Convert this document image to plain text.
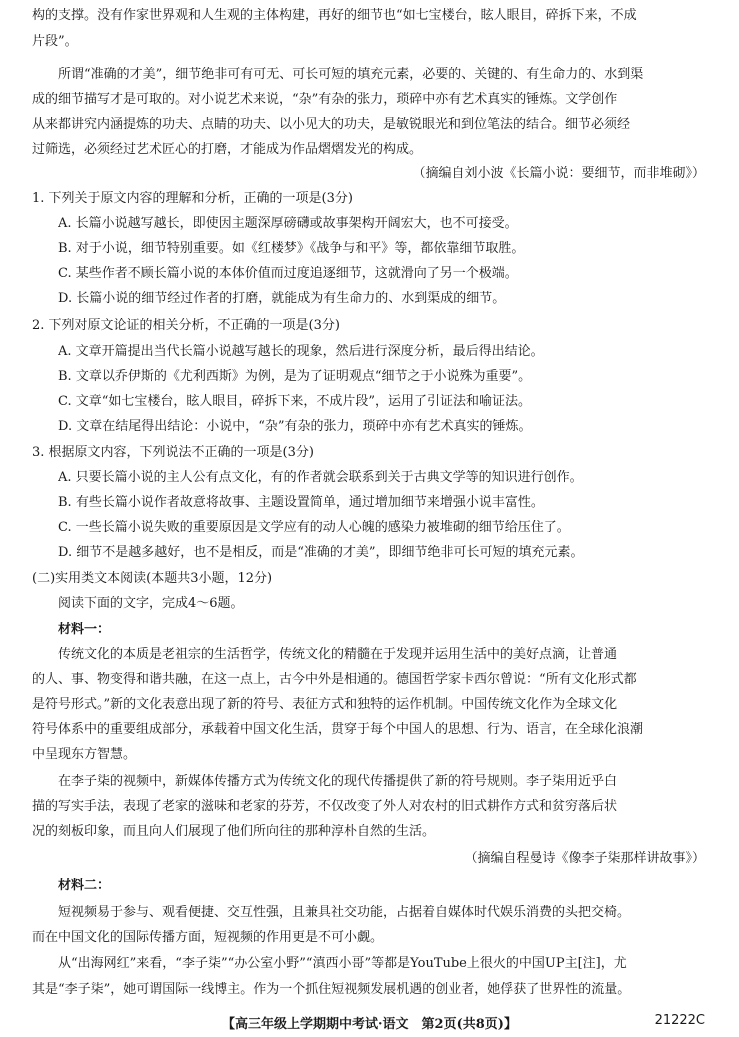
构的支撑。没有作家世界观和人生观的主体构建，再好的细节也“如七宝楼台，眩人眼目，碎拆下来，不成
片段”。
所谓“准确的才美”，细节绝非可有可无、可长可短的填充元素，必要的、关键的、有生命力的、水到渠
成的细节描写才是可取的。对小说艺术来说，“杂”有杂的张力，琐碎中亦有艺术真实的锤炼。文学创作
从来都讲究内涵提炼的功夫、点睛的功夫、以小见大的功夫，是敏锐眼光和到位笔法的结合。细节必须经
过筛选，必须经过艺术匠心的打磨，才能成为作品熠熠发光的构成。
（摘编自刘小波《长篇小说：要细节，而非堆砌》）
1. 下列关于原文内容的理解和分析，正确的一项是(3分)
A. 长篇小说越写越长，即使因主题深厚磅礴或故事架构开阔宏大，也不可接受。
B. 对于小说，细节特别重要。如《红楼梦》《战争与和平》等，都依靠细节取胜。
C. 某些作者不顾长篇小说的本体价值而过度追逐细节，这就滑向了另一个极端。
D. 长篇小说的细节经过作者的打磨，就能成为有生命力的、水到渠成的细节。
2. 下列对原文论证的相关分析，不正确的一项是(3分)
A. 文章开篇提出当代长篇小说越写越长的现象，然后进行深度分析，最后得出结论。
B. 文章以乔伊斯的《尤利西斯》为例，是为了证明观点“细节之于小说殊为重要”。
C. 文章“如七宝楼台，眩人眼目，碎拆下来，不成片段”，运用了引证法和喻证法。
D. 文章在结尾得出结论：小说中，“杂”有杂的张力，琐碎中亦有艺术真实的锤炼。
3. 根据原文内容，下列说法不正确的一项是(3分)
A. 只要长篇小说的主人公有点文化，有的作者就会联系到关于古典文学等的知识进行创作。
B. 有些长篇小说作者故意将故事、主题设置简单，通过增加细节来增强小说丰富性。
C. 一些长篇小说失败的重要原因是文学应有的动人心魄的感染力被堆砌的细节给压住了。
D. 细节不是越多越好，也不是相反，而是“准确的才美”，即细节绝非可长可短的填充元素。
(二)实用类文本阅读(本题共3小题，12分)
阅读下面的文字，完成4～6题。
材料一：
传统文化的本质是老祖宗的生活哲学，传统文化的精髓在于发现并运用生活中的美好点滴，让普通
的人、事、物变得和谐共融，在这一点上，古今中外是相通的。德国哲学家卡西尔曾说：“所有文化形式都
是符号形式。”新的文化表意出现了新的符号、表征方式和独特的运作机制。中国传统文化作为全球文化
符号体系中的重要组成部分，承载着中国文化生活，贯穿于每个中国人的思想、行为、语言，在全球化浪潮
中呈现东方智慧。
在李子柒的视频中，新媒体传播方式为传统文化的现代传播提供了新的符号规则。李子柒用近乎白
描的写实手法，表现了老家的滋味和老家的芬芳，不仅改变了外人对农村的旧式耕作方式和贫穷落后状
况的刻板印象，而且向人们展现了他们所向往的那种淳朴自然的生活。
（摘编自程曼诗《像李子柒那样讲故事》）
材料二：
短视频易于参与、观看便捷、交互性强，且兼具社交功能，占据着自媒体时代娱乐消费的头把交椅。
而在中国文化的国际传播方面，短视频的作用更是不可小觑。
从“出海网红”来看，“李子柒”“办公室小野”“滇西小哥”等都是YouTube上很火的中国UP主[注]，尤
其是“李子柒”，她可谓国际一线博主。作为一个抓住短视频发展机遇的创业者，她俘获了世界性的流量。
【高三年级上学期期中考试·语文　第2页(共8页)】	21222C
